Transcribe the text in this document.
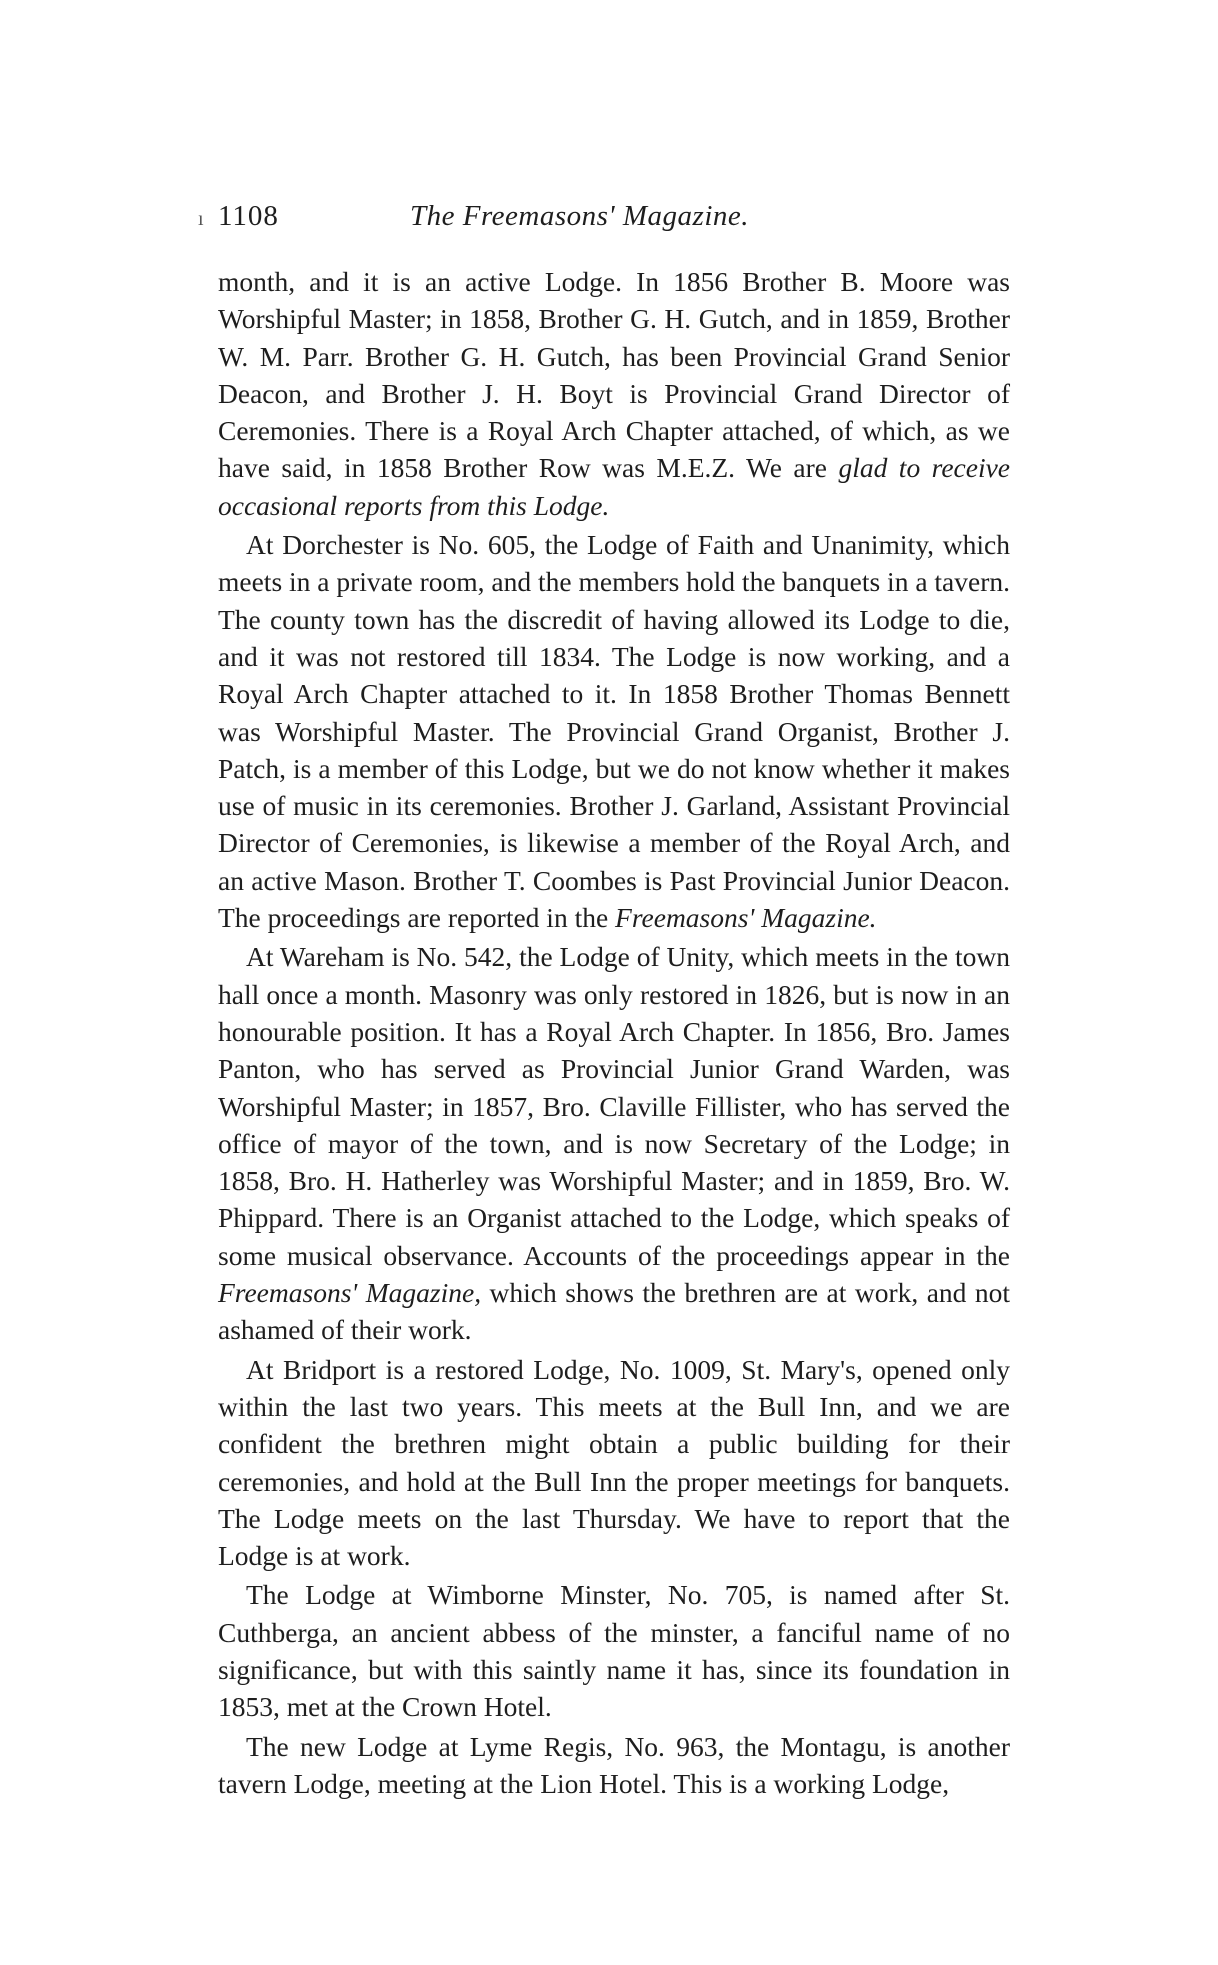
ı 1108	The Freemasons' Magazine.

month, and it is an active Lodge. In 1856 Brother B. Moore was Worshipful Master; in 1858, Brother G. H. Gutch, and in 1859, Brother W. M. Parr. Brother G. H. Gutch, has been Provincial Grand Senior Deacon, and Brother J. H. Boyt is Provincial Grand Director of Ceremonies. There is a Royal Arch Chapter attached, of which, as we have said, in 1858 Brother Row was M.E.Z. We are glad to receive occasional reports from this Lodge.

At Dorchester is No. 605, the Lodge of Faith and Unanimity, which meets in a private room, and the members hold the banquets in a tavern. The county town has the discredit of having allowed its Lodge to die, and it was not restored till 1834. The Lodge is now working, and a Royal Arch Chapter attached to it. In 1858 Brother Thomas Bennett was Worshipful Master. The Provincial Grand Organist, Brother J. Patch, is a member of this Lodge, but we do not know whether it makes use of music in its ceremonies. Brother J. Garland, Assistant Provincial Director of Ceremonies, is likewise a member of the Royal Arch, and an active Mason. Brother T. Coombes is Past Provincial Junior Deacon. The proceedings are reported in the Freemasons' Magazine.

At Wareham is No. 542, the Lodge of Unity, which meets in the town hall once a month. Masonry was only restored in 1826, but is now in an honourable position. It has a Royal Arch Chapter. In 1856, Bro. James Panton, who has served as Provincial Junior Grand Warden, was Worshipful Master; in 1857, Bro. Claville Fillister, who has served the office of mayor of the town, and is now Secretary of the Lodge; in 1858, Bro. H. Hatherley was Worshipful Master; and in 1859, Bro. W. Phippard. There is an Organist attached to the Lodge, which speaks of some musical observance. Accounts of the proceedings appear in the Freemasons' Magazine, which shows the brethren are at work, and not ashamed of their work.

At Bridport is a restored Lodge, No. 1009, St. Mary's, opened only within the last two years. This meets at the Bull Inn, and we are confident the brethren might obtain a public building for their ceremonies, and hold at the Bull Inn the proper meetings for banquets. The Lodge meets on the last Thursday. We have to report that the Lodge is at work.

The Lodge at Wimborne Minster, No. 705, is named after St. Cuthberga, an ancient abbess of the minster, a fanciful name of no significance, but with this saintly name it has, since its foundation in 1853, met at the Crown Hotel.

The new Lodge at Lyme Regis, No. 963, the Montagu, is another tavern Lodge, meeting at the Lion Hotel. This is a working Lodge,
